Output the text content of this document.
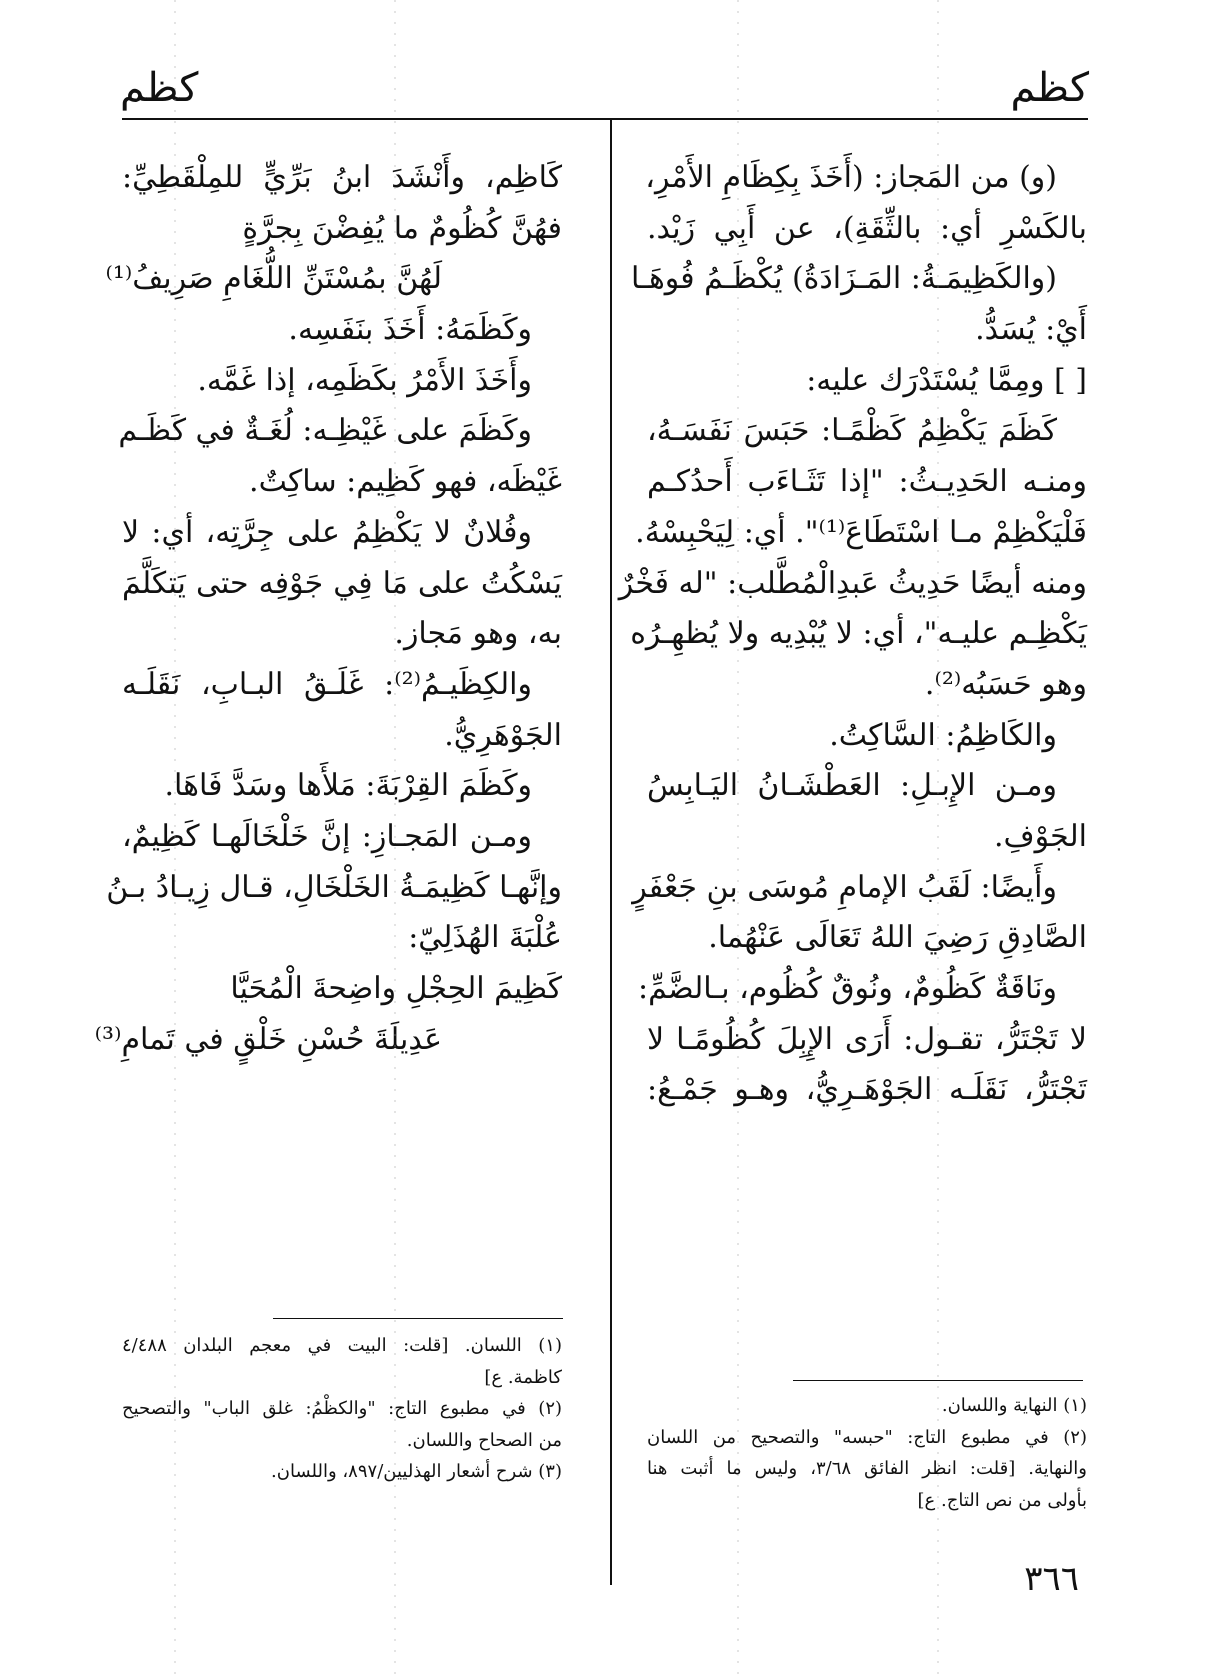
كظم
كظم
(و) من المَجاز: (أَخَذَ بِكِظَامِ الأَمْرِ،
بالكَسْرِ أي: بالثِّقَةِ)، عن أَبِي زَيْد.
(والكَظِيمَـةُ: المَـزَادَةُ) يُكْظَـمُ فُوهَـا
أَيْ: يُسَدُّ.
[ ] ومِمَّا يُسْتَدْرَك عليه:
كَظَمَ يَكْظِمُ كَظْمًـا: حَبَسَ نَفَسَـهُ،
ومنـه الحَدِيـثُ: "إذا تَثَـاءَب أَحدُكـم
فَلْيَكْظِمْ مـا اسْتَطَاعَ⁽¹⁾". أي: لِيَحْبِسْهُ.
ومنه أيضًا حَدِيثُ عَبدِالْمُطَّلب: "له فَخْرٌ
يَكْظِـم عليـه"، أي: لا يُبْدِيه ولا يُظهِـرُه
وهو حَسَبُه⁽²⁾.
والكَاظِمُ: السَّاكِتُ.
ومـن الإِبـلِ: العَطْشَـانُ اليَـابِسُ
الجَوْفِ.
وأَيضًا: لَقَبُ الإمامِ مُوسَى بنِ جَعْفَرٍ
الصَّادِقِ رَضِيَ اللهُ تَعَالَى عَنْهُما.
ونَاقَةٌ كَظُومٌ، ونُوقٌ كُظُوم، بـالضَّمِّ:
لا تَجْتَرُّ، تقـول: أَرَى الإِبِلَ كُظُومًـا لا
تَجْتَرُّ، نَقَلَـه الجَوْهَـرِيُّ، وهـو جَمْـعُ:
(١) النهاية واللسان.
(٢) في مطبوع التاج: "حبسه" والتصحيح من اللسان
والنهاية. [قلت: انظر الفائق ٣/٦٨، وليس ما أثبت هنا
بأولى من نص التاج. ع]
كَاظِم، وأَنْشَدَ ابنُ بَرِّيٍّ للمِلْقَطِيِّ:
فهُنَّ كُظُومٌ ما يُفِضْنَ بِجرَّةٍ
لَهُنَّ بمُسْتَنِّ اللُّغَامِ صَرِيفُ⁽¹⁾
وكَظَمَهُ: أَخَذَ بنَفَسِه.
وأَخَذَ الأَمْرُ بكَظَمِه، إذا غَمَّه.
وكَظَمَ على غَيْظِـه: لُغَـةٌ في كَظَـم
غَيْظَه، فهو كَظِيم: ساكِتٌ.
وفُلانٌ لا يَكْظِمُ على جِرَّتِه، أي: لا
يَسْكُتُ على مَا فِي جَوْفِه حتى يَتكَلَّمَ
به، وهو مَجاز.
والكِظَيـمُ⁽²⁾: غَلَـقُ البـابِ، نَقَلَـه
الجَوْهَرِيُّ.
وكَظَمَ القِرْبَةَ: مَلأَها وسَدَّ فَاهَا.
ومـن المَجـازِ: إنَّ خَلْخَالَهـا كَظِيمٌ،
وإنَّهـا كَظِيمَـةُ الخَلْخَالِ، قـال زِيـادُ بـنُ
عُلْبَةَ الهُذَلِيّ:
كَظِيمَ الحِجْلِ واضِحةَ الْمُحَيَّا
عَدِيلَةَ حُسْنِ خَلْقٍ في تَمامِ⁽³⁾
(١) اللسان. [قلت: البيت في معجم البلدان ٤/٤٨٨
كاظمة. ع]
(٢) في مطبوع التاج: "والكظْمُ: غلق الباب" والتصحيح
من الصحاح واللسان.
(٣) شرح أشعار الهذليين/٨٩٧، واللسان.
٣٦٦
